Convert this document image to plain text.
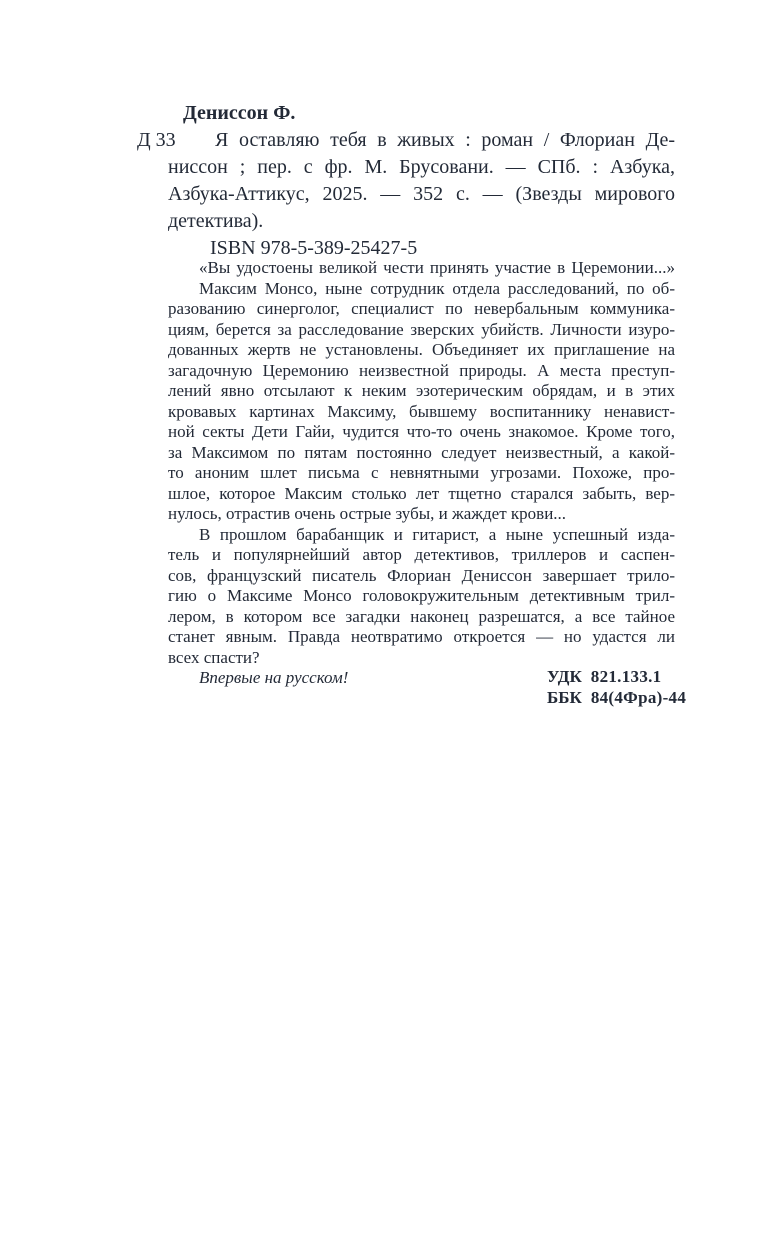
Дениссон Ф.
Д 33	Я оставляю тебя в живых : роман / Флориан Де-
ниссон ; пер. с фр. М. Брусовани. — СПб. : Азбука,
Азбука-Аттикус, 2025. — 352 с. — (Звезды мирового
детектива).
ISBN 978-5-389-25427-5
«Вы удостоены великой чести принять участие в Церемонии...»
Максим Монсо, ныне сотрудник отдела расследований, по об-
разованию синерголог, специалист по невербальным коммуника-
циям, берется за расследование зверских убийств. Личности изуро-
дованных жертв не установлены. Объединяет их приглашение на
загадочную Церемонию неизвестной природы. А места преступ-
лений явно отсылают к неким эзотерическим обрядам, и в этих
кровавых картинах Максиму, бывшему воспитаннику ненавист-
ной секты Дети Гайи, чудится что-то очень знакомое. Кроме того,
за Максимом по пятам постоянно следует неизвестный, а какой-
то аноним шлет письма с невнятными угрозами. Похоже, про-
шлое, которое Максим столько лет тщетно старался забыть, вер-
нулось, отрастив очень острые зубы, и жаждет крови...
В прошлом барабанщик и гитарист, а ныне успешный изда-
тель и популярнейший автор детективов, триллеров и саспен-
сов, французский писатель Флориан Дениссон завершает трило-
гию о Максиме Монсо головокружительным детективным трил-
лером, в котором все загадки наконец разрешатся, а все тайное
станет явным. Правда неотвратимо откроется — но удастся ли
всех спасти?
Впервые на русском!	УДК 821.133.1
ББК 84(4Фра)-44
